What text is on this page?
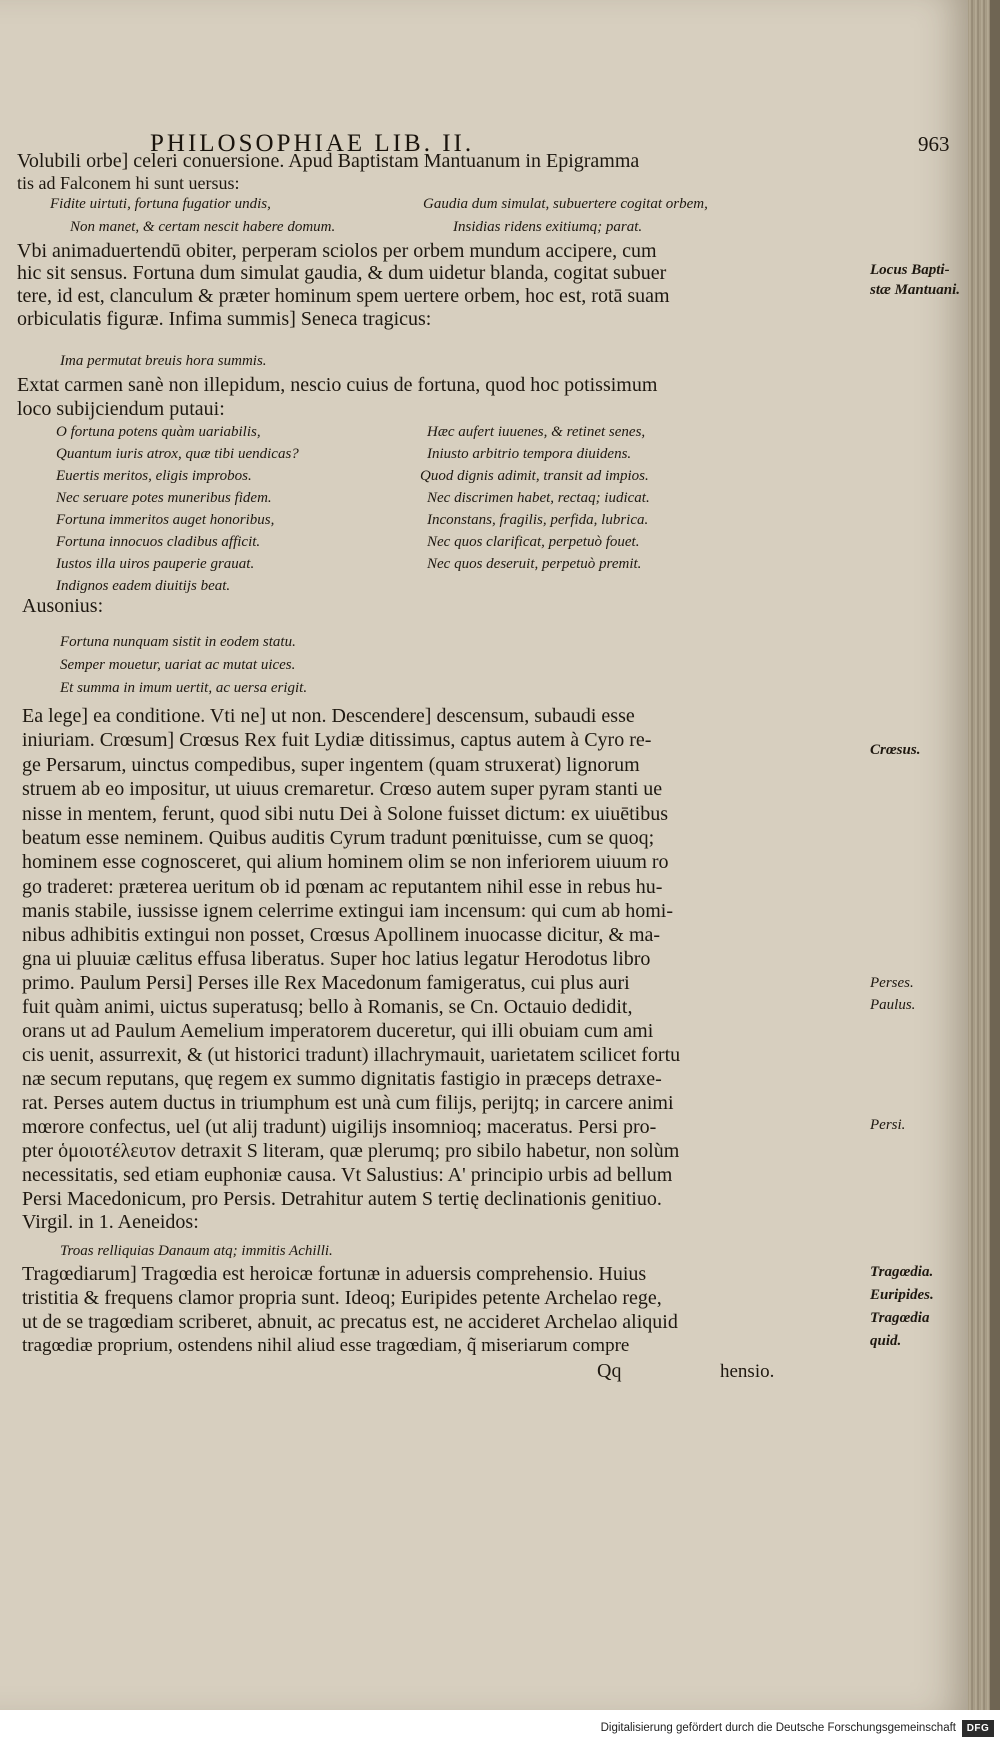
PHILOSOPHIAE LIB. II.	963

Volubili orbe] celeri conuersione. Apud Baptistam Mantuanum in Epigramma

tis ad Falconem hi sunt uersus:

Fidite uirtuti, fortuna fugatior undis,	Gaudia dum simulat, subuertere cogitat orbem,

Non manet, & certam nescit habere domum.	Insidias ridens exitiumq; parat.

Vbi animaduertendū obiter, perperam sciolos per orbem mundum accipere, cum

hic sit sensus. Fortuna dum simulat gaudia, & dum uidetur blanda, cogitat subuer

tere, id est, clanculum & præter hominum spem uertere orbem, hoc est, rotā suam

orbiculatis figuræ. Infima summis] Seneca tragicus:

Ima permutat breuis hora summis.

Extat carmen sanè non illepidum, nescio cuius de fortuna, quod hoc potissimum

loco subijciendum putaui:

O fortuna potens quàm uariabilis,	Hæc aufert iuuenes, & retinet senes,

Quantum iuris atrox, quæ tibi uendicas?	Iniusto arbitrio tempora diuidens.

Euertis meritos, eligis improbos.	Quod dignis adimit, transit ad impios.

Nec seruare potes muneribus fidem.	Nec discrimen habet, rectaq; iudicat.

Fortuna immeritos auget honoribus,	Inconstans, fragilis, perfida, lubrica.

Fortuna innocuos cladibus afficit.	Nec quos clarificat, perpetuò fouet.

Iustos illa uiros pauperie grauat.	Nec quos deseruit, perpetuò premit.

Indignos eadem diuitijs beat.

Ausonius:

Fortuna nunquam sistit in eodem statu.

Semper mouetur, uariat ac mutat uices.

Et summa in imum uertit, ac uersa erigit.

Ea lege] ea conditione. Vti ne] ut non. Descendere] descensum, subaudi esse

iniuriam. Crœsum] Crœsus Rex fuit Lydiæ ditissimus, captus autem à Cyro re-

ge Persarum, uinctus compedibus, super ingentem (quam struxerat) lignorum

struem ab eo impositur, ut uiuus cremaretur. Crœso autem super pyram stanti ue

nisse in mentem, ferunt, quod sibi nutu Dei à Solone fuisset dictum: ex uiuētibus

beatum esse neminem. Quibus auditis Cyrum tradunt pœnituisse, cum se quoq;

hominem esse cognosceret, qui alium hominem olim se non inferiorem uiuum ro

go traderet: præterea ueritum ob id pœnam ac reputantem nihil esse in rebus hu-

manis stabile, iussisse ignem celerrime extingui iam incensum: qui cum ab homi-

nibus adhibitis extingui non posset, Crœsus Apollinem inuocasse dicitur, & ma-

gna ui pluuiæ cælitus effusa liberatus. Super hoc latius legatur Herodotus libro

primo. Paulum Persi] Perses ille Rex Macedonum famigeratus, cui plus auri

fuit quàm animi, uictus superatusq; bello à Romanis, se Cn. Octauio dedidit,

orans ut ad Paulum Aemelium imperatorem duceretur, qui illi obuiam cum ami

cis uenit, assurrexit, & (ut historici tradunt) illachrymauit, uarietatem scilicet fortu

næ secum reputans, quę regem ex summo dignitatis fastigio in præceps detraxe-

rat. Perses autem ductus in triumphum est unà cum filijs, perijtq; in carcere animi

mœrore confectus, uel (ut alij tradunt) uigilijs insomnioq; maceratus. Persi pro-

pter ὁμοιοτέλευτον detraxit S literam, quæ plerumq; pro sibilo habetur, non solùm

necessitatis, sed etiam euphoniæ causa. Vt Salustius: A' principio urbis ad bellum

Persi Macedonicum, pro Persis. Detrahitur autem S tertię declinationis genitiuo.

Virgil. in 1. Aeneidos:

Troas relliquias Danaum atq; immitis Achilli.

Tragœdiarum] Tragœdia est heroicæ fortunæ in aduersis comprehensio. Huius

tristitia & frequens clamor propria sunt. Ideoq; Euripides petente Archelao rege,

ut de se tragœdiam scriberet, abnuit, ac precatus est, ne accideret Archelao aliquid

tragœdiæ proprium, ostendens nihil aliud esse tragœdiam, q̃ miseriarum compre

Qq	hensio.
Locus Bapti-
stæ Mantuani.
Crœsus.
Perses.
Paulus.
Persi.
Tragœdia.
Euripides.
Tragœdia
quid.
Digitalisierung gefördert durch die Deutsche Forschungsgemeinschaft	DFG
